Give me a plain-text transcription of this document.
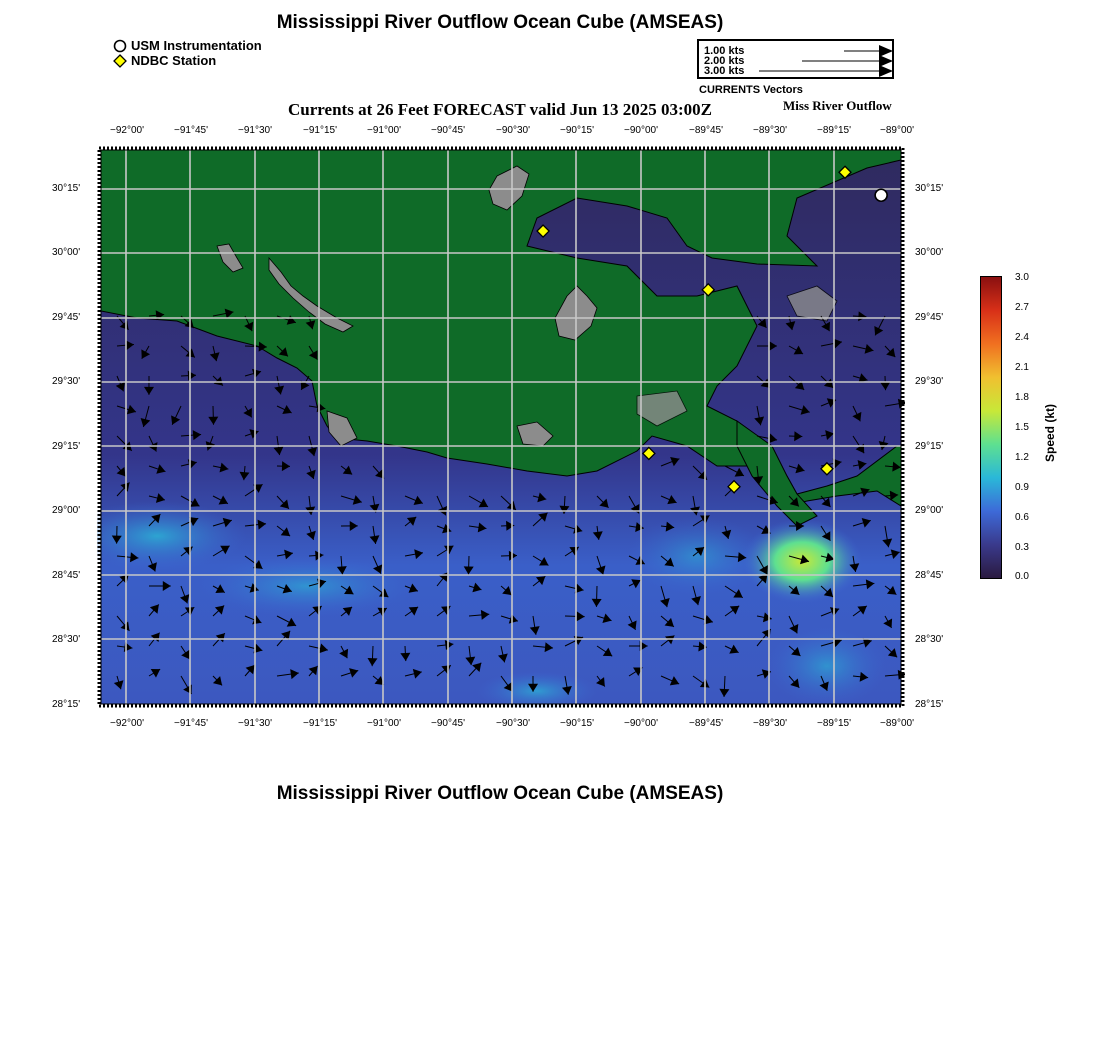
Mississippi River Outflow Ocean Cube (AMSEAS)
USM Instrumentation
NDBC Station
1.00 kts
2.00 kts
3.00 kts
CURRENTS Vectors
Currents at 26 Feet FORECAST valid Jun 13 2025 03:00Z	Miss River Outflow
−92°00'	−91°45'	−91°30'	−91°15'	−91°00'	−90°45'	−90°30'	−90°15'	−90°00'	−89°45'	−89°30'	−89°15'	−89°00'
−92°00'	−91°45'	−91°30'	−91°15'	−91°00'	−90°45'	−90°30'	−90°15'	−90°00'	−89°45'	−89°30'	−89°15'	−89°00'
30°15'
30°00'
29°45'
29°30'
29°15'
29°00'
28°45'
28°30'
28°15'
30°15'
30°00'
29°45'
29°30'
29°15'
29°00'
28°45'
28°30'
28°15'
3.0
2.7
2.4
2.1
1.8
1.5
1.2
0.9
0.6
0.3
0.0
Speed (kt)
Mississippi River Outflow Ocean Cube (AMSEAS)
